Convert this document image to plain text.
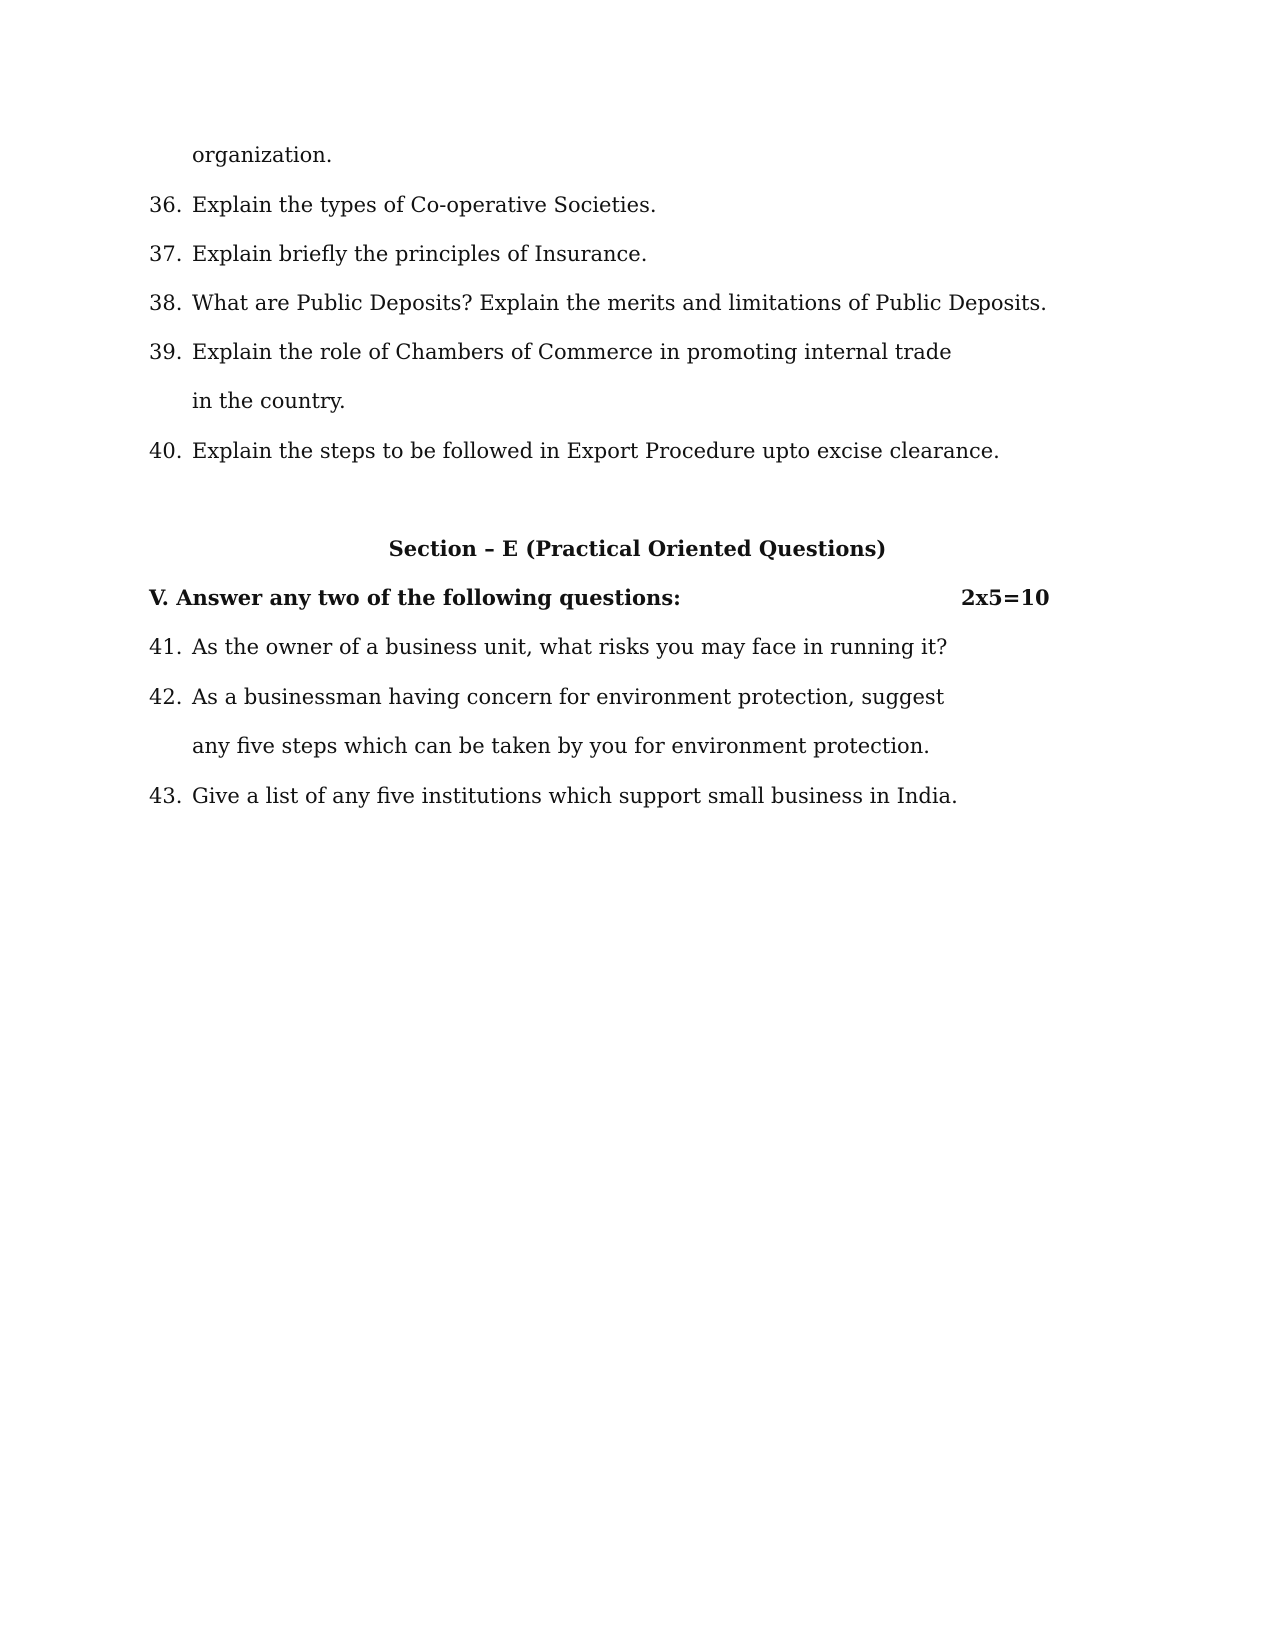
organization.
36. Explain the types of Co-operative Societies.
37. Explain briefly the principles of Insurance.
38. What are Public Deposits? Explain the merits and limitations of Public Deposits.
39. Explain the role of Chambers of Commerce in promoting internal trade
in the country.
40. Explain the steps to be followed in Export Procedure upto excise clearance.
Section – E (Practical Oriented Questions)
V. Answer any two of the following questions:	2x5=10
41. As the owner of a business unit, what risks you may face in running it?
42. As a businessman having concern for environment protection, suggest
any five steps which can be taken by you for environment protection.
43. Give a list of any five institutions which support small business in India.
